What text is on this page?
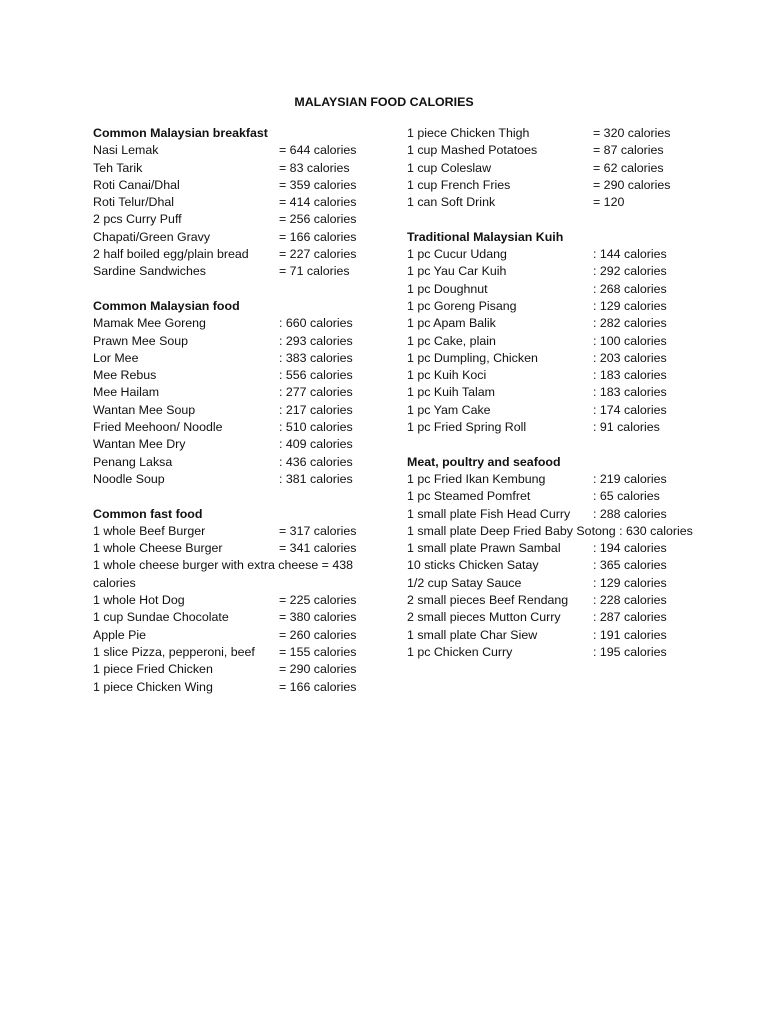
MALAYSIAN FOOD CALORIES
Common Malaysian breakfast
Nasi Lemak	= 644 calories
Teh Tarik	= 83 calories
Roti Canai/Dhal	= 359 calories
Roti Telur/Dhal	= 414 calories
2 pcs Curry Puff	= 256 calories
Chapati/Green Gravy	= 166 calories
2 half boiled egg/plain bread = 227 calories
Sardine Sandwiches	= 71 calories
Common Malaysian food
Mamak Mee Goreng	: 660 calories
Prawn Mee Soup	: 293 calories
Lor Mee	: 383 calories
Mee Rebus	: 556 calories
Mee Hailam	: 277 calories
Wantan Mee Soup	: 217 calories
Fried Meehoon/ Noodle	: 510 calories
Wantan Mee Dry	: 409 calories
Penang Laksa	: 436 calories
Noodle Soup	: 381 calories
Common fast food
1 whole Beef Burger	= 317 calories
1 whole Cheese Burger	= 341 calories
1 whole cheese burger with extra cheese = 438 calories
1 whole Hot Dog	= 225 calories
1 cup Sundae Chocolate	= 380 calories
Apple Pie	= 260 calories
1 slice Pizza, pepperoni, beef = 155 calories
1 piece Fried Chicken	= 290 calories
1 piece Chicken Wing	= 166 calories
1 piece Chicken Thigh	= 320 calories
1 cup Mashed Potatoes	= 87 calories
1 cup Coleslaw	= 62 calories
1 cup French Fries	= 290 calories
1 can Soft Drink	= 120
Traditional Malaysian Kuih
1 pc Cucur Udang	: 144 calories
1 pc Yau Car Kuih	: 292 calories
1 pc Doughnut	: 268 calories
1 pc Goreng Pisang	: 129 calories
1 pc Apam Balik	: 282 calories
1 pc Cake, plain	: 100 calories
1 pc Dumpling, Chicken	: 203 calories
1 pc Kuih Koci	: 183 calories
1 pc Kuih Talam	: 183 calories
1 pc Yam Cake	: 174 calories
1 pc Fried Spring Roll	: 91 calories
Meat, poultry and seafood
1 pc Fried Ikan Kembung	: 219 calories
1 pc Steamed Pomfret	: 65 calories
1 small plate Fish Head Curry : 288 calories
1 small plate Deep Fried Baby Sotong : 630 calories
1 small plate Prawn Sambal	: 194 calories
10 sticks Chicken Satay	: 365 calories
1/2 cup Satay Sauce	: 129 calories
2 small pieces Beef Rendang : 228 calories
2 small pieces Mutton Curry	: 287 calories
1 small plate Char Siew	: 191 calories
1 pc Chicken Curry	: 195 calories
